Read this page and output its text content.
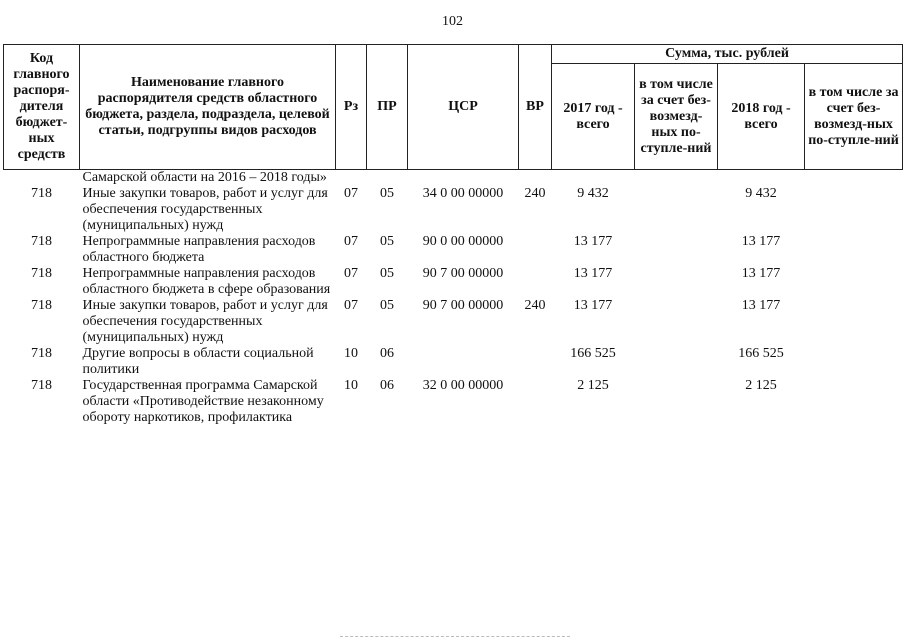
102
Код главного распоря-дителя бюджет-ных средств	Наименование главного распорядителя средств областного бюджета, раздела, подраздела, целевой статьи, подгруппы видов расходов	Рз	ПР	ЦСР	ВР	Сумма, тыс. рублей			
						2017 год - всего	в том числе за счет без-возмезд-ных по-ступле-ний	2018 год - всего	в том числе за счет без-возмезд-ных по-ступле-ний
	Самарской области на 2016 – 2018 годы»								
718	Иные закупки товаров, работ и услуг для обеспечения государственных (муниципальных) нужд	07	05	34 0 00 00000	240	9 432		9 432	
718	Непрограммные направления расходов областного бюджета	07	05	90 0 00 00000		13 177		13 177	
718	Непрограммные направления расходов областного бюджета в сфере образования	07	05	90 7 00 00000		13 177		13 177	
718	Иные закупки товаров, работ и услуг для обеспечения государственных (муниципальных) нужд	07	05	90 7 00 00000	240	13 177		13 177	
718	Другие вопросы в области социальной политики	10	06			166 525		166 525	
718	Государственная программа Самарской области «Противодействие незаконному обороту наркотиков, профилактика	10	06	32 0 00 00000		2 125		2 125	
